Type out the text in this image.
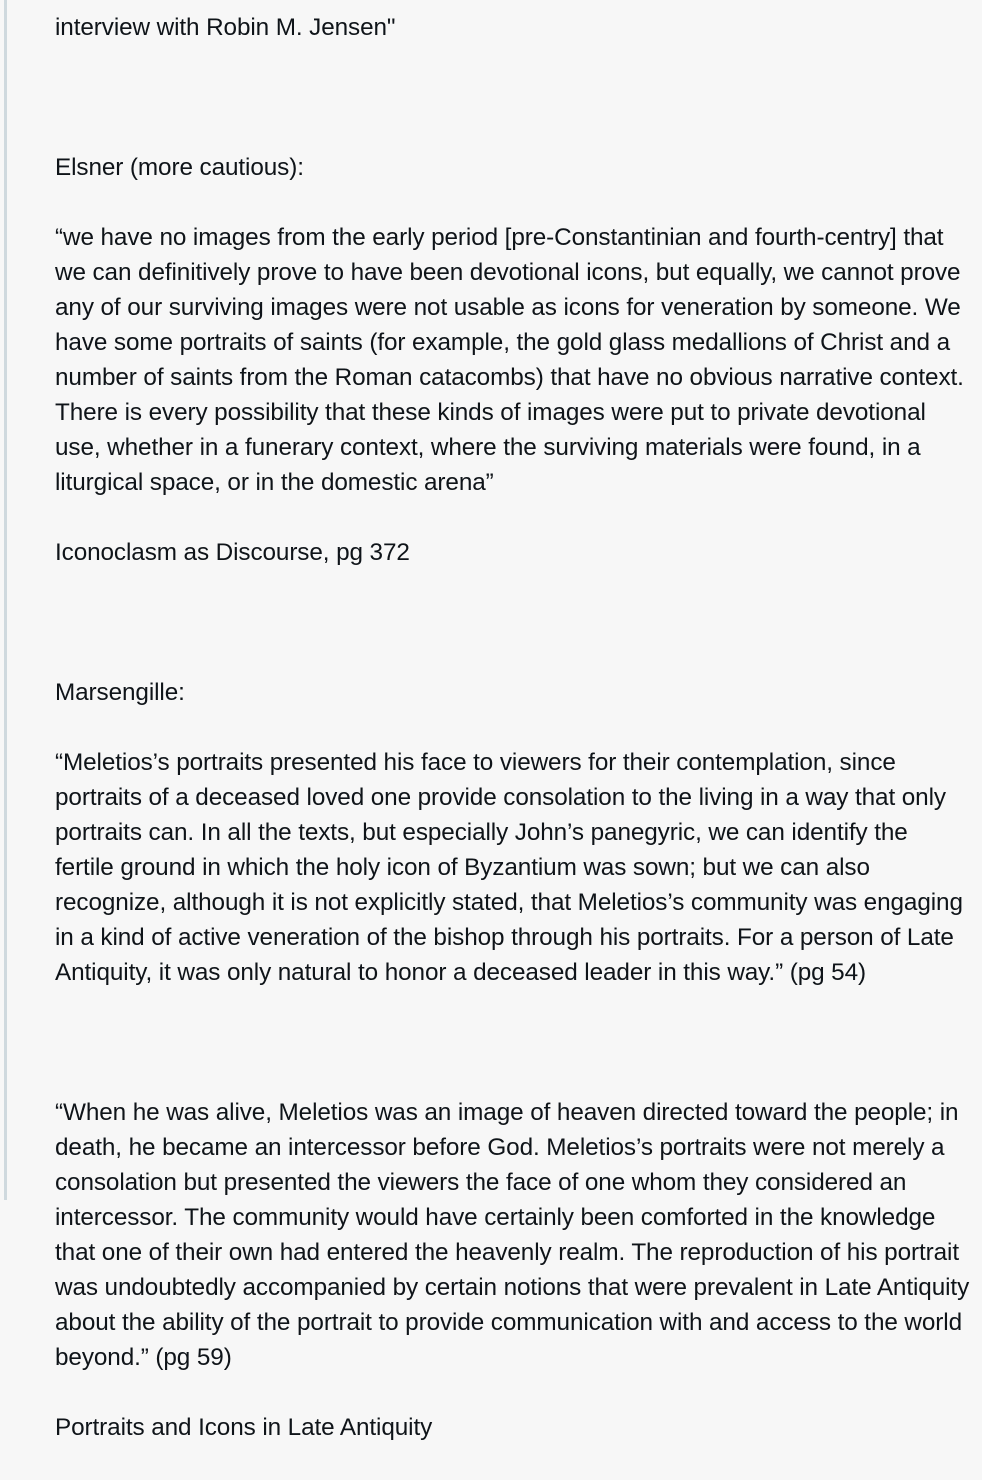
interview with Robin M. Jensen"

Elsner (more cautious):

“we have no images from the early period [pre-Constantinian and fourth-centry] that we can definitively prove to have been devotional icons, but equally, we cannot prove any of our surviving images were not usable as icons for veneration by someone. We have some portraits of saints (for example, the gold glass medallions of Christ and a number of saints from the Roman catacombs) that have no obvious narrative context. There is every possibility that these kinds of images were put to private devotional use, whether in a funerary context, where the surviving materials were found, in a liturgical space, or in the domestic arena”

Iconoclasm as Discourse, pg 372

Marsengille:

“Meletios’s portraits presented his face to viewers for their contemplation, since portraits of a deceased loved one provide consolation to the living in a way that only portraits can. In all the texts, but especially John’s panegyric, we can identify the fertile ground in which the holy icon of Byzantium was sown; but we can also recognize, although it is not explicitly stated, that Meletios’s community was engaging in a kind of active veneration of the bishop through his portraits. For a person of Late Antiquity, it was only natural to honor a deceased leader in this way.” (pg 54)

“When he was alive, Meletios was an image of heaven directed toward the people; in death, he became an intercessor before God. Meletios’s portraits were not merely a consolation but presented the viewers the face of one whom they considered an intercessor. The community would have certainly been comforted in the knowledge that one of their own had entered the heavenly realm. The reproduction of his portrait was undoubtedly accompanied by certain notions that were prevalent in Late Antiquity about the ability of the portrait to provide communication with and access to the world beyond.” (pg 59)

Portraits and Icons in Late Antiquity
